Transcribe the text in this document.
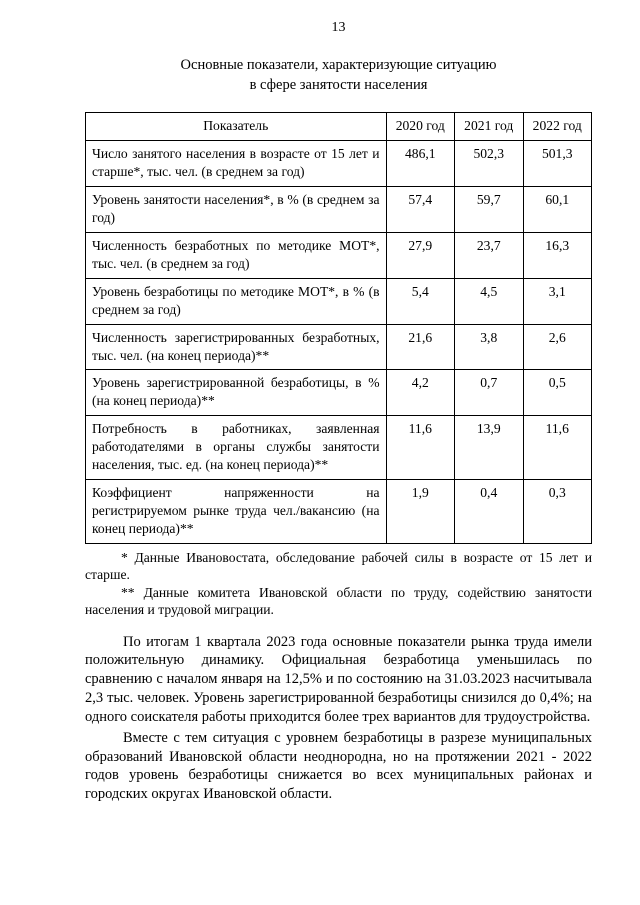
13
Основные показатели, характеризующие ситуацию
в сфере занятости населения
Показатель	2020 год	2021 год	2022 год
Число занятого населения в возрасте от 15 лет и старше*, тыс. чел. (в среднем за год)	486,1	502,3	501,3
Уровень занятости населения*, в % (в среднем за год)	57,4	59,7	60,1
Численность безработных по методике МОТ*, тыс. чел. (в среднем за год)	27,9	23,7	16,3
Уровень безработицы по методике МОТ*, в % (в среднем за год)	5,4	4,5	3,1
Численность зарегистрированных безработных, тыс. чел. (на конец периода)**	21,6	3,8	2,6
Уровень зарегистрированной безработицы, в % (на конец периода)**	4,2	0,7	0,5
Потребность в работниках, заявленная работодателями в органы службы занятости населения, тыс. ед. (на конец периода)**	11,6	13,9	11,6
Коэффициент напряженности на регистрируемом рынке труда чел./вакансию (на конец периода)**	1,9	0,4	0,3

* Данные Ивановостата, обследование рабочей силы в возрасте от 15 лет и старше.

** Данные комитета Ивановской области по труду, содействию занятости населения и трудовой миграции.

По итогам 1 квартала 2023 года основные показатели рынка труда имели положительную динамику. Официальная безработица уменьшилась по сравнению с началом января на 12,5% и по состоянию на 31.03.2023 насчитывала 2,3 тыс. человек. Уровень зарегистрированной безработицы снизился до 0,4%; на одного соискателя работы приходится более трех вариантов для трудоустройства.

Вместе с тем ситуация с уровнем безработицы в разрезе муниципальных образований Ивановской области неоднородна, но на протяжении 2021 - 2022 годов уровень безработицы снижается во всех муниципальных районах и городских округах Ивановской области.
